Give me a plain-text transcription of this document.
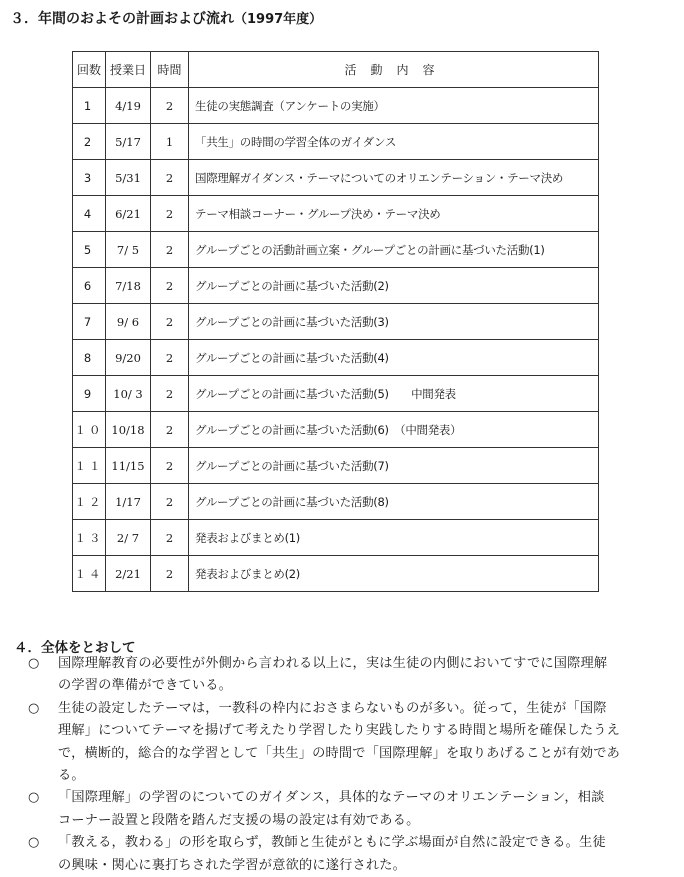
３．年間のおよその計画および流れ（1997年度）
回数	授業日	時間	活動内容
1	4/19	2	生徒の実態調査（アンケートの実施）
2	5/17	1	「共生」の時間の学習全体のガイダンス
3	5/31	2	国際理解ガイダンス・テーマについてのオリエンテーション・テーマ決め
4	6/21	2	テーマ相談コーナー・グループ決め・テーマ決め
5	7/ 5	2	グループごとの活動計画立案・グループごとの計画に基づいた活動(1)
6	7/18	2	グループごとの計画に基づいた活動(2)
7	9/ 6	2	グループごとの計画に基づいた活動(3)
8	9/20	2	グループごとの計画に基づいた活動(4)
9	10/ 3	2	グループごとの計画に基づいた活動(5)　　中間発表
１０	10/18	2	グループごとの計画に基づいた活動(6)　（中間発表）
１１	11/15	2	グループごとの計画に基づいた活動(7)
１２	1/17	2	グループごとの計画に基づいた活動(8)
１３	2/ 7	2	発表およびまとめ(1)
１４	2/21	2	発表およびまとめ(2)
４．全体をとおして
○ 国際理解教育の必要性が外側から言われる以上に，実は生徒の内側においてすでに国際理解
の学習の準備ができている。
○ 生徒の設定したテーマは，一教科の枠内におさまらないものが多い。従って，生徒が「国際
理解」についてテーマを揚げて考えたり学習したり実践したりする時間と場所を確保したうえ
で，横断的，総合的な学習として「共生」の時間で「国際理解」を取りあげることが有効であ
る。
○ 「国際理解」の学習のについてのガイダンス，具体的なテーマのオリエンテーション，相談
コーナー設置と段階を踏んだ支援の場の設定は有効である。
○ 「教える，教わる」の形を取らず，教師と生徒がともに学ぶ場面が自然に設定できる。生徒
の興味・関心に裏打ちされた学習が意欲的に遂行された。
